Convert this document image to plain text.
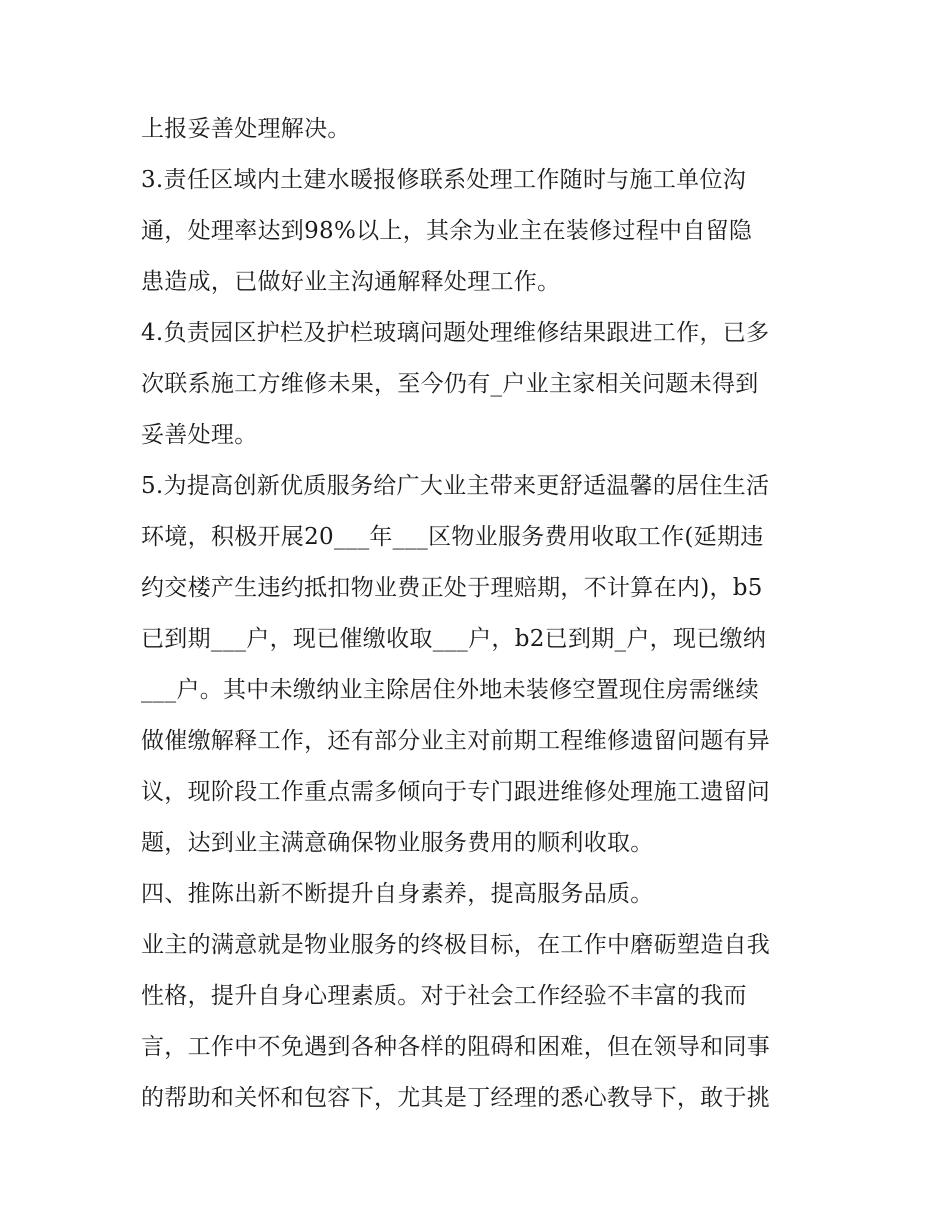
上报妥善处理解决。
3.责任区域内土建水暖报修联系处理工作随时与施工单位沟
通，处理率达到98%以上，其余为业主在装修过程中自留隐
患造成，已做好业主沟通解释处理工作。
4.负责园区护栏及护栏玻璃问题处理维修结果跟进工作，已多
次联系施工方维修未果，至今仍有_户业主家相关问题未得到
妥善处理。
5.为提高创新优质服务给广大业主带来更舒适温馨的居住生活
环境，积极开展20___年___区物业服务费用收取工作(延期违
约交楼产生违约抵扣物业费正处于理赔期，不计算在内)，b5
已到期___户，现已催缴收取___户，b2已到期_户，现已缴纳
___户。其中未缴纳业主除居住外地未装修空置现住房需继续
做催缴解释工作，还有部分业主对前期工程维修遗留问题有异
议，现阶段工作重点需多倾向于专门跟进维修处理施工遗留问
题，达到业主满意确保物业服务费用的顺利收取。
四、推陈出新不断提升自身素养，提高服务品质。
业主的满意就是物业服务的终极目标，在工作中磨砺塑造自我
性格，提升自身心理素质。对于社会工作经验不丰富的我而
言，工作中不免遇到各种各样的阻碍和困难，但在领导和同事
的帮助和关怀和包容下，尤其是丁经理的悉心教导下，敢于挑
